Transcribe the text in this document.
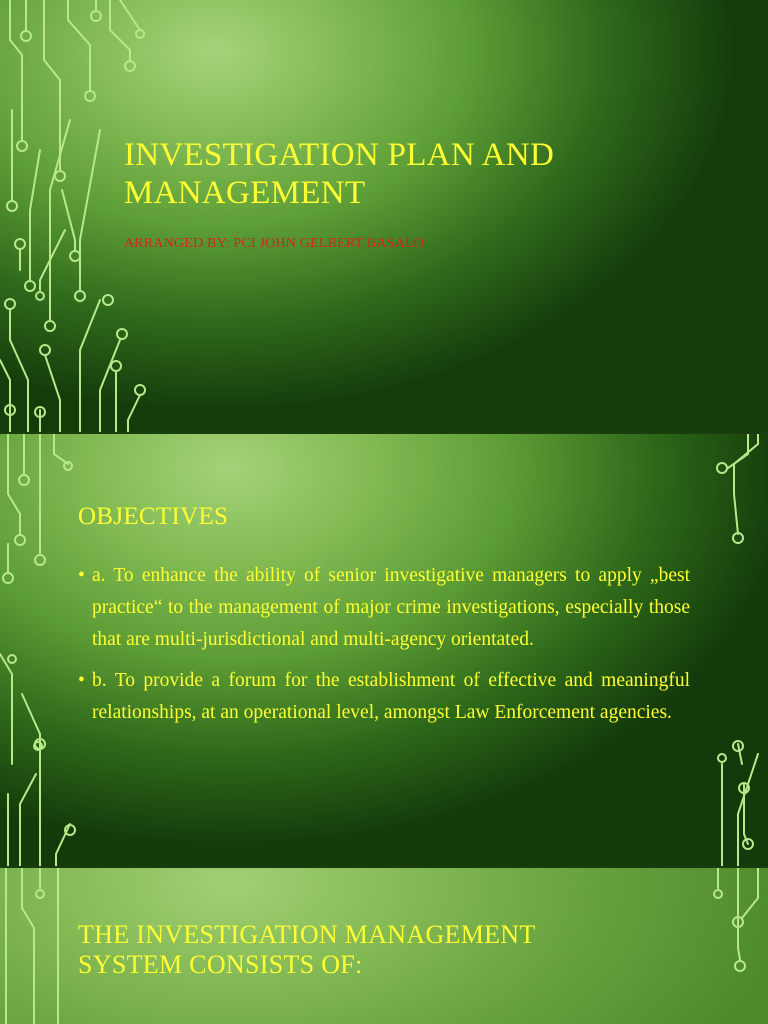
INVESTIGATION PLAN AND
MANAGEMENT

ARRANGED BY: PCI JOHN GELBERT BASALO

OBJECTIVES
• a. To enhance the ability of senior investigative managers to apply „best practice“ to the management of major crime investigations, especially those that are multi-jurisdictional and multi-agency orientated.
• b. To provide a forum for the establishment of effective and meaningful relationships, at an operational level, amongst Law Enforcement agencies.
THE INVESTIGATION MANAGEMENT
SYSTEM CONSISTS OF:
